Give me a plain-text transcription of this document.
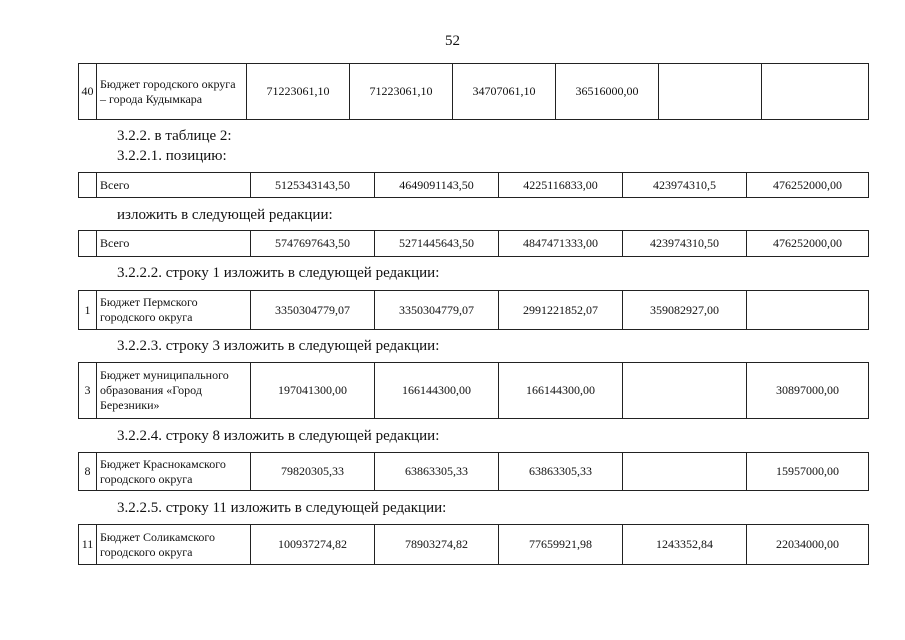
52
40	Бюджет городского округа – города Кудымкара	71223061,10	71223061,10	34707061,10	36516000,00		
3.2.2. в таблице 2:
3.2.2.1. позицию:
	Всего	5125343143,50	4649091143,50	4225116833,00	423974310,5	476252000,00
изложить в следующей редакции:
	Всего	5747697643,50	5271445643,50	4847471333,00	423974310,50	476252000,00
3.2.2.2. строку 1 изложить в следующей редакции:
1	Бюджет Пермского городского округа	3350304779,07	3350304779,07	2991221852,07	359082927,00	
3.2.2.3. строку 3 изложить в следующей редакции:
3	Бюджет муниципального образования «Город Березники»	197041300,00	166144300,00	166144300,00		30897000,00
3.2.2.4. строку 8 изложить в следующей редакции:
8	Бюджет Краснокамского городского округа	79820305,33	63863305,33	63863305,33		15957000,00
3.2.2.5. строку 11 изложить в следующей редакции:
11	Бюджет Соликамского городского округа	100937274,82	78903274,82	77659921,98	1243352,84	22034000,00
